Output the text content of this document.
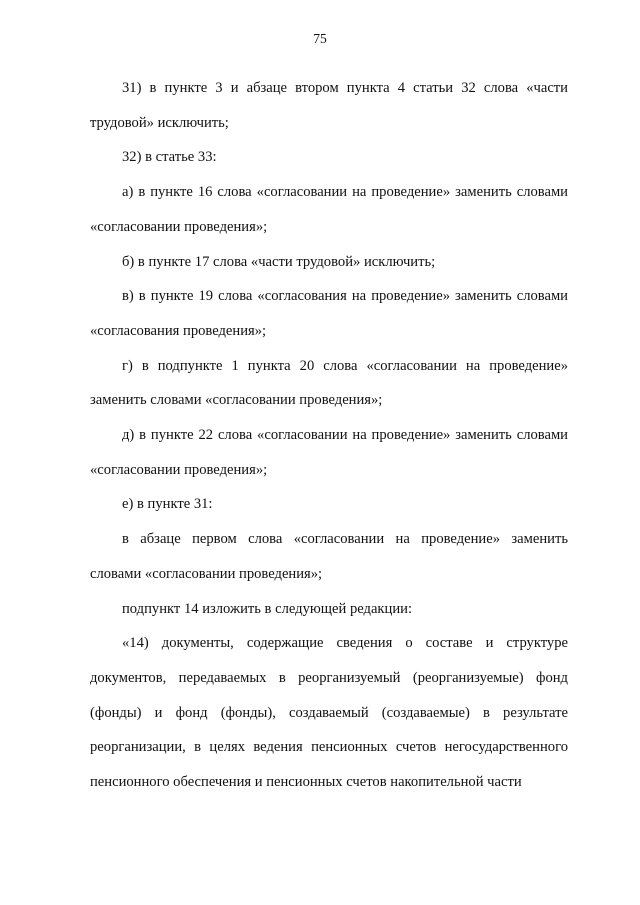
75

31) в пункте 3 и абзаце втором пункта 4 статьи 32 слова «части трудовой» исключить;

32) в статье 33:

а) в пункте 16 слова «согласовании на проведение» заменить словами «согласовании проведения»;

б) в пункте 17 слова «части трудовой» исключить;

в) в пункте 19 слова «согласования на проведение» заменить словами «согласования проведения»;

г) в подпункте 1 пункта 20 слова «согласовании на проведение» заменить словами «согласовании проведения»;

д) в пункте 22 слова «согласовании на проведение» заменить словами «согласовании проведения»;

е) в пункте 31:

в абзаце первом слова «согласовании на проведение» заменить словами «согласовании проведения»;

подпункт 14 изложить в следующей редакции:

«14) документы, содержащие сведения о составе и структуре документов, передаваемых в реорганизуемый (реорганизуемые) фонд (фонды) и фонд (фонды), создаваемый (создаваемые) в результате реорганизации, в целях ведения пенсионных счетов негосударственного пенсионного обеспечения и пенсионных счетов накопительной части
